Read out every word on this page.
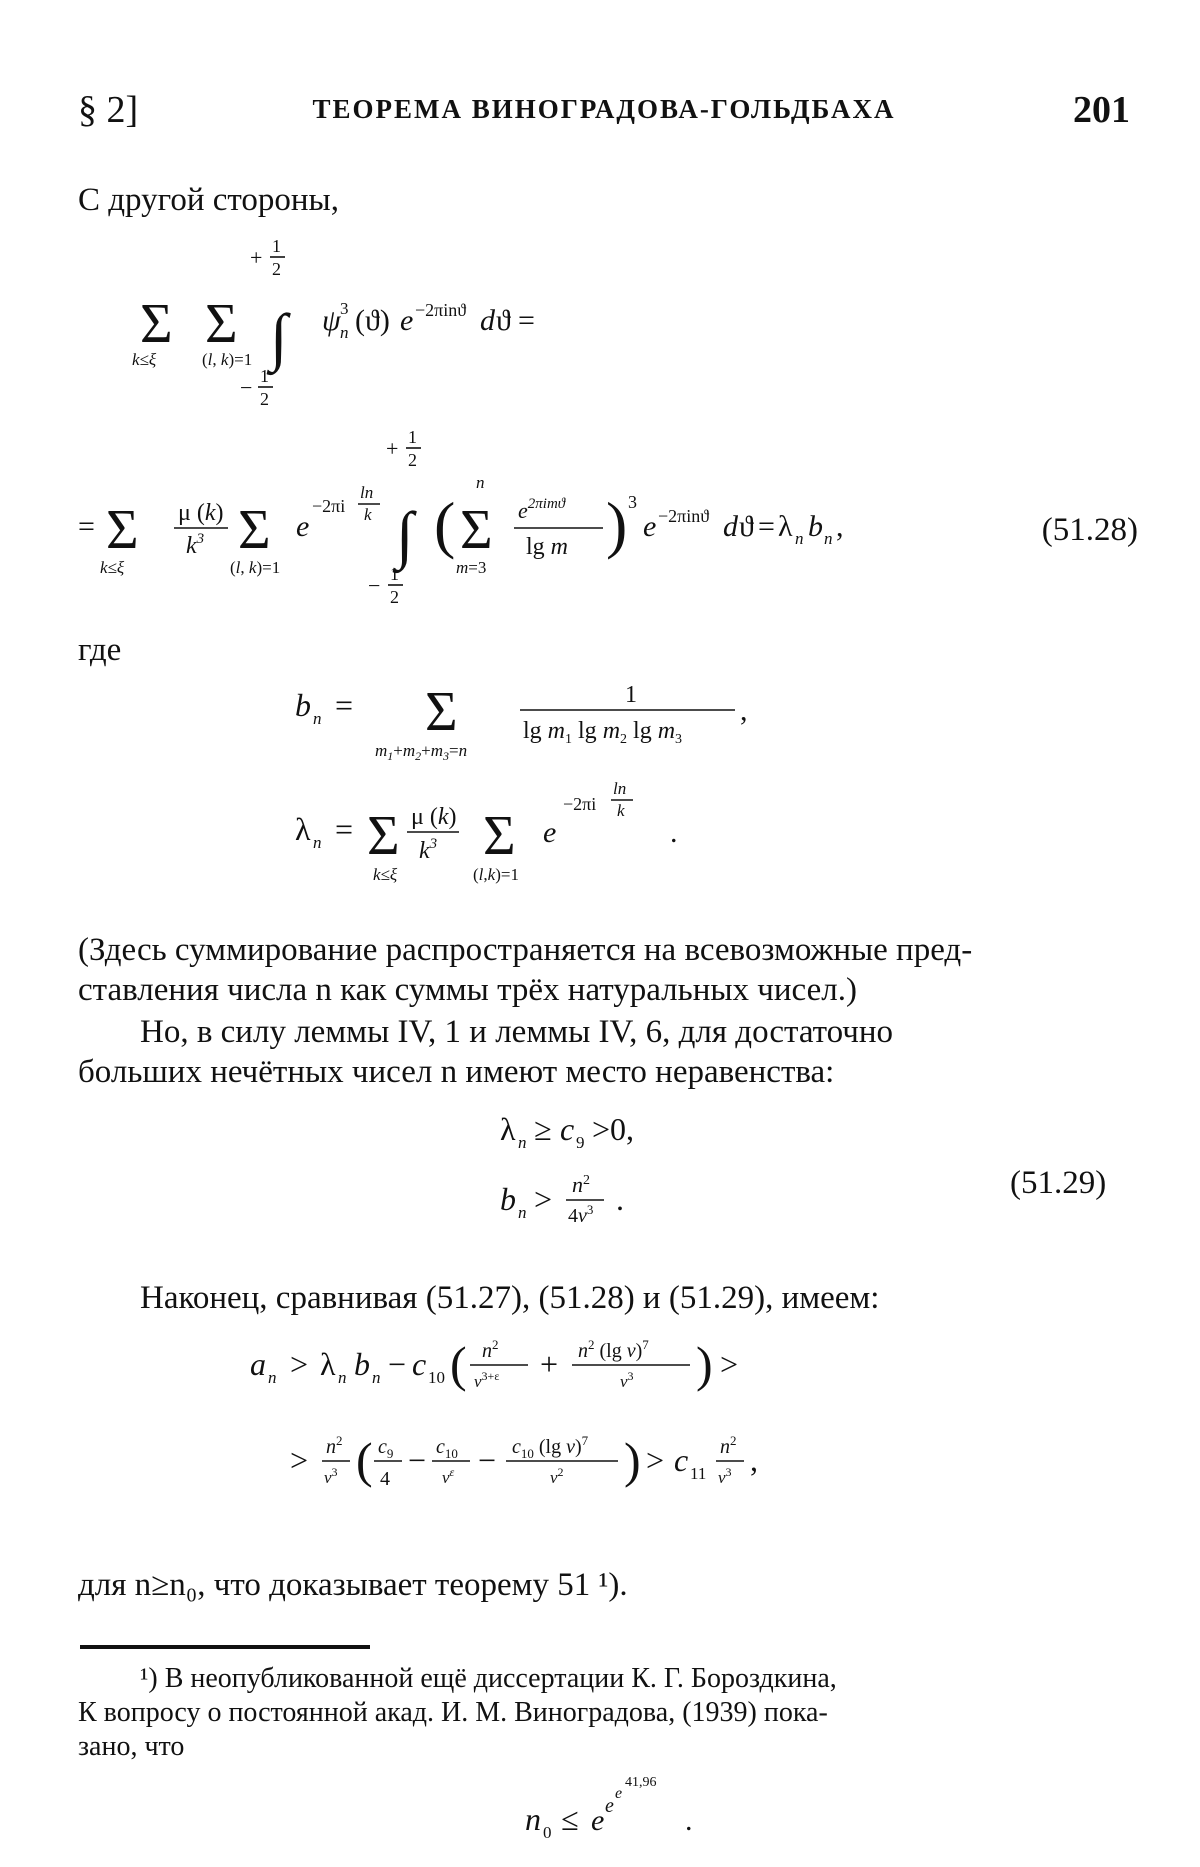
§ 2]	ТЕОРЕМА ВИНОГРАДОВА-ГОЛЬДБАХА	201
С другой стороны,
Σ
k≤ξ
Σ
(l, k)=1
+ 1
2
∫
− 1
2
ψ 3
n (ϑ) e −2πinϑ d ϑ =
= Σ
k≤ξ
μ (k)
$k^3$ Σ
(l, k)=1
e
−2πi
ln
k
+ 1
2
∫
− 1
2
( Σ
n
m=3
$e^{2\pi imϑ}$
lg m ) 3
e −2πinϑ d ϑ = λ n b n ,	(51.28)
где
b n = Σ
$m_1+m_2+m_3=n$
1
$\lg m_1$ $\lg m_2$ $\lg m_3$
,
λ n = Σ
k≤ξ
μ (k)
$k^3$ Σ
(l,k)=1
e
−2πi
ln
k
.
(Здесь суммирование распространяется на всевозможные пред-
ставления числа n как суммы трёх натуральных чисел.)
Но, в силу леммы IV, 1 и леммы IV, 6, для достаточно
больших нечётных чисел n имеют место неравенства:
λ n ≥ c 9 >0,
b $n > n^2$
$4\nu^3$ .	(51.29)
Наконец, сравнивая (51.27), (51.28) и (51.29), имеем:
a n > λ n b n − c 10 ( $n^2$
$\nu^{3+\varepsilon} + n^2$ (lg ν)$^7$
$\nu^3$ ) >
> $n^2$
$\nu^3$ ( $c_9$
4
− $c_{10}$
$\nu^\varepsilon - c_{10}$ (lg ν)$^7$
$\nu^2$ ) > c 11
$n^2$
$\nu^3$ ,
для n≥n₀, что доказывает теорему 51 ¹).
¹) В неопубликованной ещё диссертации К. Г. Бороздкина,
К вопросу о постоянной акад. И. М. Виноградова, (1939) пока-
зано, что
n 0 ≤ e e
e
41,96
.
